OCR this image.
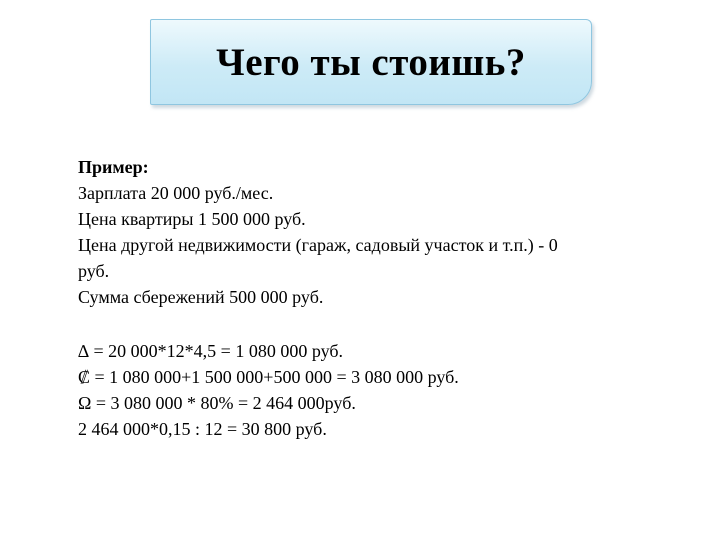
Чего ты стоишь?
Пример:
Зарплата 20 000 руб./мес.
Цена квартиры 1 500 000 руб.
Цена другой недвижимости (гараж, садовый участок и т.п.) - 0
руб.
Сумма сбережений 500 000 руб.
∆ = 20 000*12*4,5 = 1 080 000 руб.
₡ = 1 080 000+1 500 000+500 000 = 3 080 000 руб.
Ω = 3 080 000 * 80% = 2 464 000руб.
2 464 000*0,15 : 12 = 30 800 руб.
